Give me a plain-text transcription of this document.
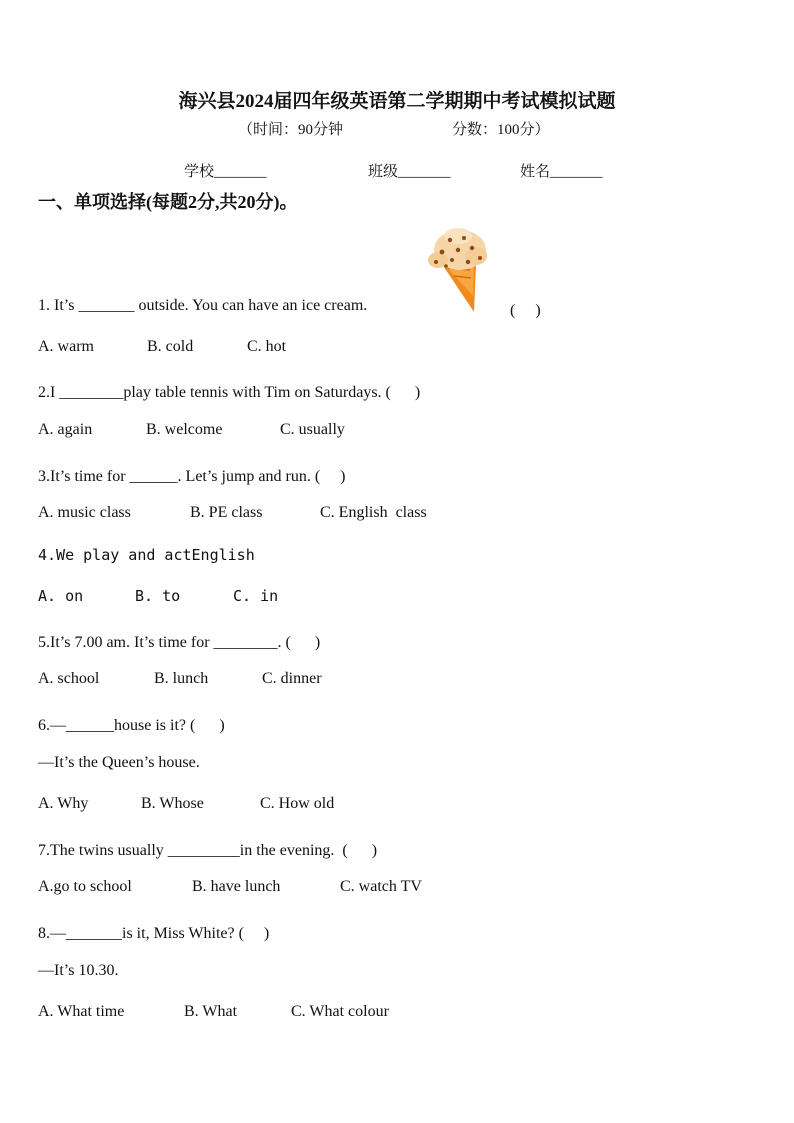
海兴县2024届四年级英语第二学期期中考试模拟试题
（时间：90分钟	分数：100分）
学校_______	班级_______	姓名_______
一、单项选择(每题2分,共20分)。
1. It’s _______ outside. You can have an ice cream.	(　 )
A. warm	B. cold	C. hot
2.I ________play table tennis with Tim on Saturdays. (　  )
A. again	B. welcome	C. usually
3.It’s time for ______. Let’s jump and run. (　 )
A. music class	B. PE class	C. English  class
4.We play and actEnglish
A. on	B. to	C. in
5.It’s 7.00 am. It’s time for ________. (　  )
A. school	B. lunch	C. dinner
6.—______house is it? (　  )
—It’s the Queen’s house.
A. Why	B. Whose	C. How old
7.The twins usually _________in the evening.  (　  )
A.go to school	B. have lunch	C. watch TV
8.—_______is it, Miss White? (　 )
—It’s 10.30.
A. What time	B. What	C. What colour
